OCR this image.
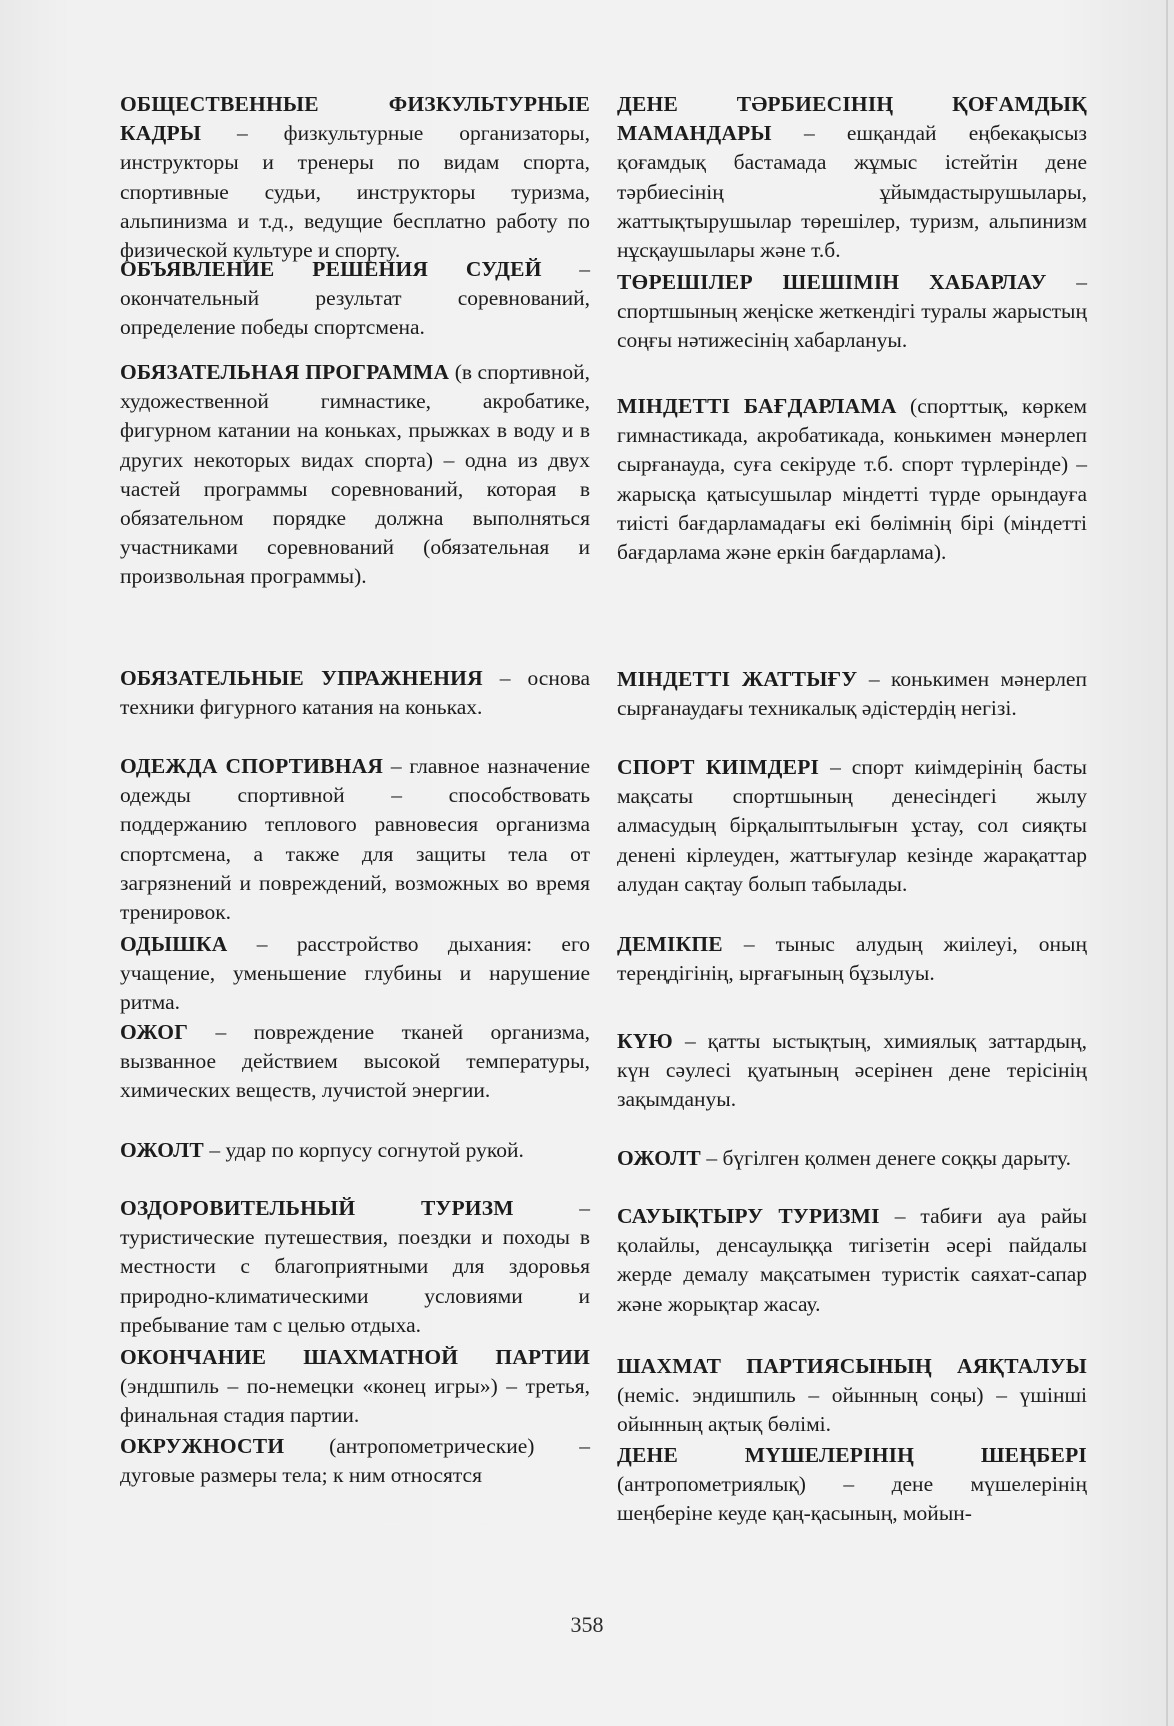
ОБЩЕСТВЕННЫЕ ФИЗКУЛЬТУРНЫЕ КАДРЫ – физкультурные организаторы, инструкторы и тренеры по видам спорта, спортивные судьи, инструкторы туризма, альпинизма и т.д., ведущие бесплатно работу по физической культуре и спорту.
ОБЪЯВЛЕНИЕ РЕШЕНИЯ СУДЕЙ – окончательный результат соревнований, определение победы спортсмена.
ОБЯЗАТЕЛЬНАЯ ПРОГРАММА (в спортивной, художественной гимнастике, акробатике, фигурном катании на коньках, прыжках в воду и в других некоторых видах спорта) – одна из двух частей программы соревнований, которая в обязательном порядке должна выполняться участниками соревнований (обязательная и произвольная программы).
ОБЯЗАТЕЛЬНЫЕ УПРАЖНЕНИЯ – основа техники фигурного катания на коньках.
ОДЕЖДА СПОРТИВНАЯ – главное назначение одежды спортивной – способствовать поддержанию теплового равновесия организма спортсмена, а также для защиты тела от загрязнений и повреждений, возможных во время тренировок.
ОДЫШКА – расстройство дыхания: его учащение, уменьшение глубины и нарушение ритма.
ОЖОГ – повреждение тканей организма, вызванное действием высокой температуры, химических веществ, лучистой энергии.
ОЖОЛТ – удар по корпусу согнутой рукой.
ОЗДОРОВИТЕЛЬНЫЙ ТУРИЗМ	– туристические путешествия, поездки и походы в местности с благоприятными для здоровья природно-климатическими условиями и пребывание там с целью отдыха.
ОКОНЧАНИЕ ШАХМАТНОЙ ПАРТИИ (эндшпиль – по-немецки «конец игры») – третья, финальная стадия партии.
ОКРУЖНОСТИ (антропометрические) – дуговые размеры тела; к ним относятся
ДЕНЕ ТӘРБИЕСІНІҢ ҚОҒАМДЫҚ МАМАНДАРЫ – ешқандай еңбекақысыз қоғамдық бастамада жұмыс істейтін дене тәрбиесінің ұйымдастырушылары, жаттықтырушылар төрешілер, туризм, альпинизм нұсқаушылары және т.б.
ТӨРЕШІЛЕР ШЕШІМІН ХАБАРЛАУ – спортшының жеңіске жеткендігі туралы жарыстың соңғы нәтижесінің хабарлануы.
МІНДЕТТІ БАҒДАРЛАМА (спорттық, көркем гимнастикада, акробатикада, конькимен мәнерлеп сырғанауда, суға секіруде т.б. спорт түрлерінде) – жарысқа қатысушылар міндетті түрде орындауға тиісті бағдарламадағы екі бөлімнің бірі (міндетті бағдарлама және еркін бағдарлама).
МІНДЕТТІ ЖАТТЫҒУ – конькимен мәнерлеп сырғанаудағы техникалық әдістердің негізі.
СПОРТ КИІМДЕРІ – спорт киімдерінің басты мақсаты спортшының денесіндегі жылу алмасудың бірқалыптылығын ұстау, сол сияқты денені кірлеуден, жаттығулар кезінде жарақаттар алудан сақтау болып табылады.
ДЕМІКПЕ – тыныс алудың жиілеуі, оның тереңдігінің, ырғағының бұзылуы.
КҮЮ – қатты ыстықтың, химиялық заттардың, күн сәулесі қуатының әсерінен дене терісінің зақымдануы.
ОЖОЛТ – бүгілген қолмен денеге соққы дарыту.
САУЫҚТЫРУ ТУРИЗМІ – табиғи ауа райы қолайлы, денсаулыққа тигізетін әсері пайдалы жерде демалу мақсатымен туристік саяхат-сапар және жорықтар жасау.
ШАХМАТ ПАРТИЯСЫНЫҢ АЯҚТАЛУЫ (неміс. эндишпиль – ойынның соңы) – үшінші ойынның ақтық бөлімі.
ДЕНЕ МҮШЕЛЕРІНІҢ ШЕҢБЕРІ (антропометриялық) – дене мүшелерінің шеңберіне кеуде қаң-қасының, мойын-
358
